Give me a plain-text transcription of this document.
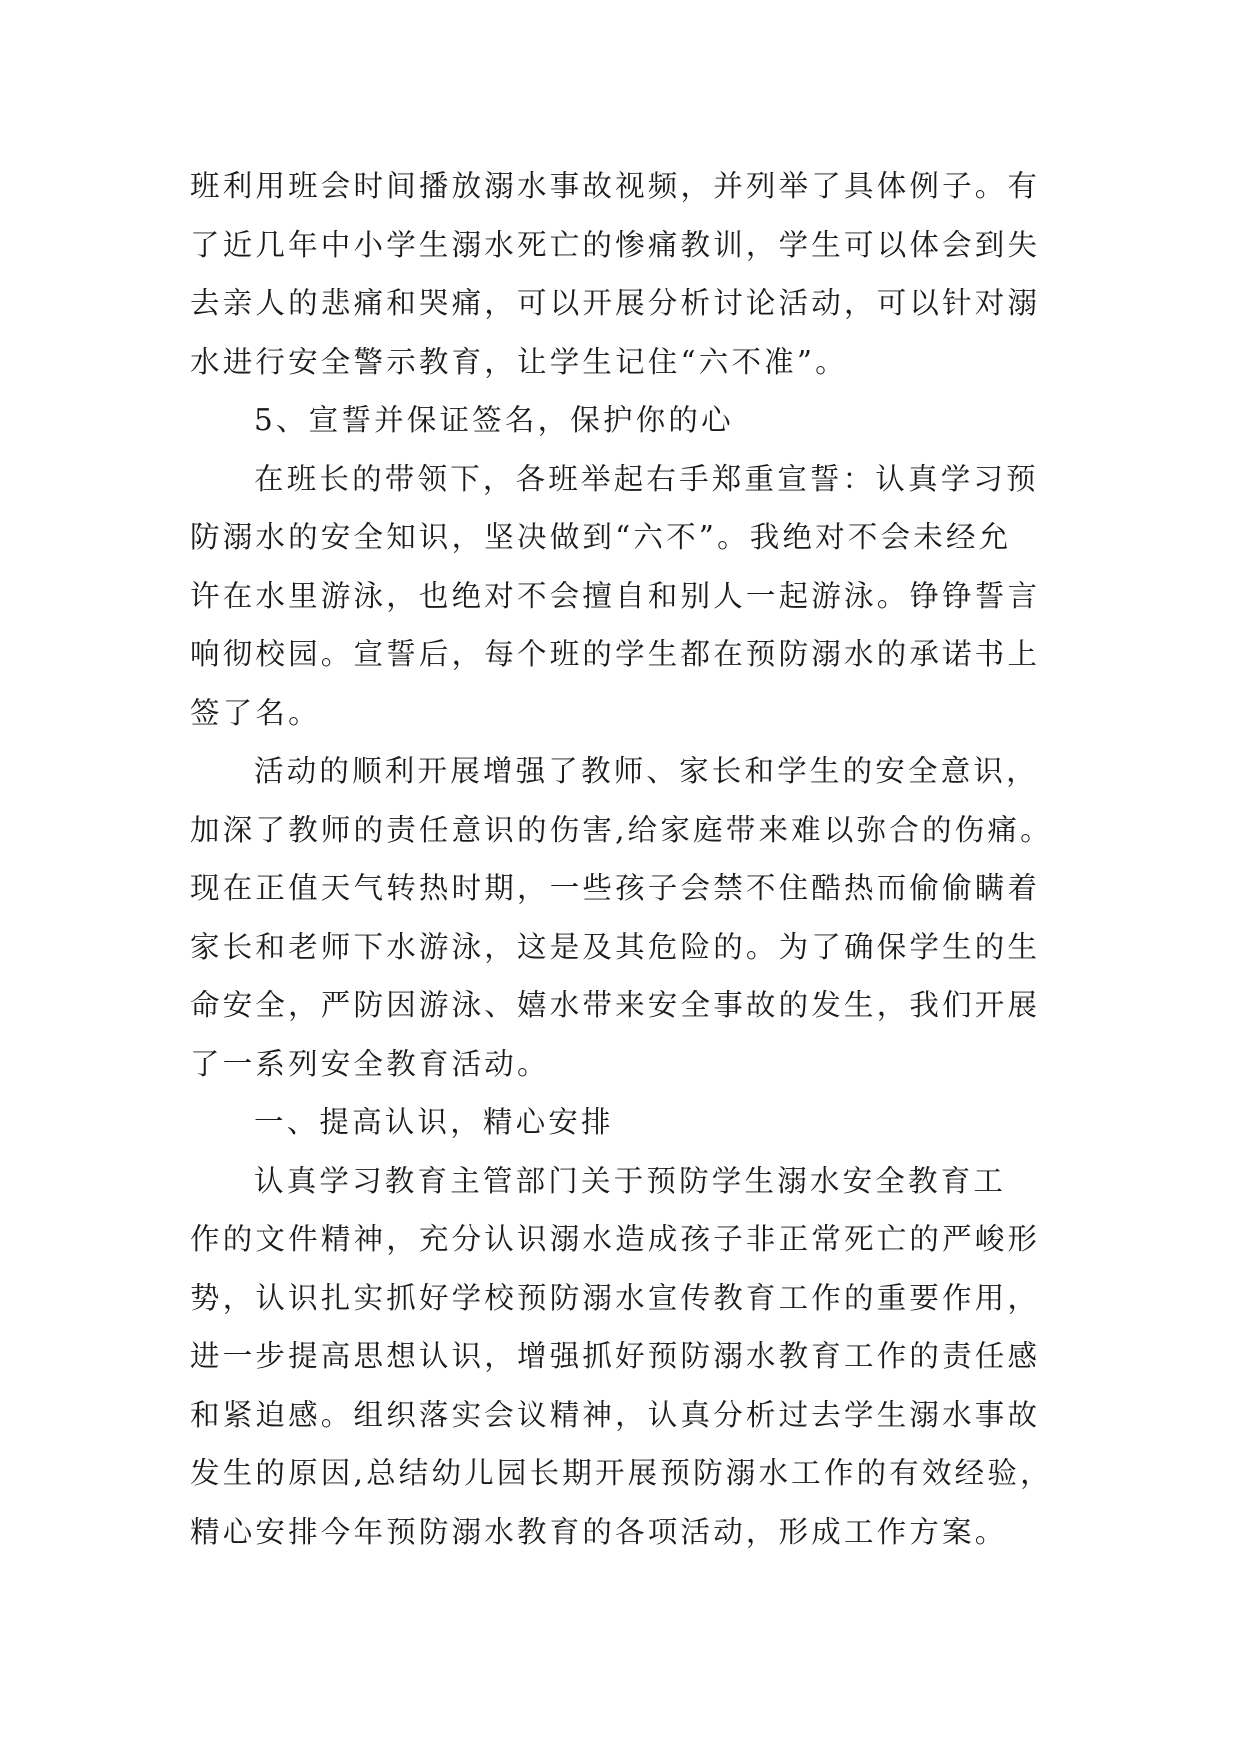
班利用班会时间播放溺水事故视频，并列举了具体例子。有
了近几年中小学生溺水死亡的惨痛教训，学生可以体会到失
去亲人的悲痛和哭痛，可以开展分析讨论活动，可以针对溺
水进行安全警示教育，让学生记住“六不准”。

5、宣誓并保证签名，保护你的心

在班长的带领下，各班举起右手郑重宣誓：认真学习预
防溺水的安全知识，坚决做到“六不”。我绝对不会未经允
许在水里游泳，也绝对不会擅自和别人一起游泳。铮铮誓言
响彻校园。宣誓后，每个班的学生都在预防溺水的承诺书上
签了名。

活动的顺利开展增强了教师、家长和学生的安全意识，
加深了教师的责任意识的伤害,给家庭带来难以弥合的伤痛。
现在正值天气转热时期，一些孩子会禁不住酷热而偷偷瞒着
家长和老师下水游泳，这是及其危险的。为了确保学生的生
命安全，严防因游泳、嬉水带来安全事故的发生，我们开展
了一系列安全教育活动。

一、提高认识，精心安排

认真学习教育主管部门关于预防学生溺水安全教育工
作的文件精神，充分认识溺水造成孩子非正常死亡的严峻形
势，认识扎实抓好学校预防溺水宣传教育工作的重要作用，
进一步提高思想认识，增强抓好预防溺水教育工作的责任感
和紧迫感。组织落实会议精神，认真分析过去学生溺水事故
发生的原因,总结幼儿园长期开展预防溺水工作的有效经验，
精心安排今年预防溺水教育的各项活动，形成工作方案。
